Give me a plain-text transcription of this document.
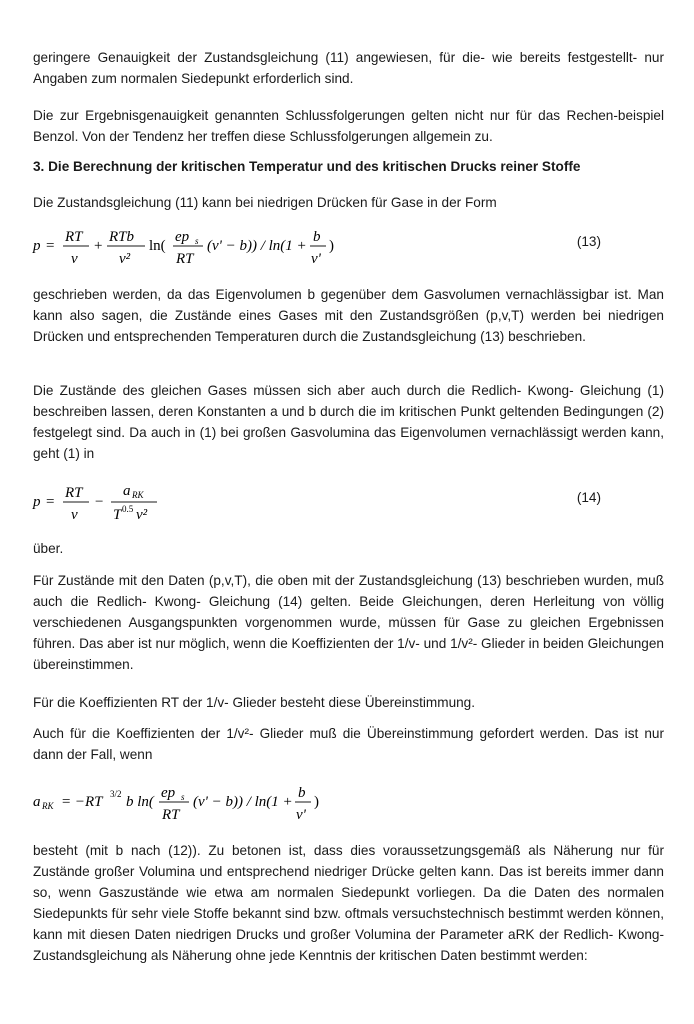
geringere Genauigkeit der Zustandsgleichung (11) angewiesen, für die- wie bereits festgestellt- nur Angaben zum normalen Siedepunkt erforderlich sind.

Die zur Ergebnisgenauigkeit genannten Schlussfolgerungen gelten nicht nur für das Rechen-beispiel Benzol. Von der Tendenz her treffen diese Schlussfolgerungen allgemein zu.

3. Die Berechnung der kritischen Temperatur und des kritischen Drucks reiner Stoffe

Die Zustandsgleichung (11) kann bei niedrigen Drücken für Gase in der Form

p =
RT
v
+
RTb
v²
ln(
ep s
RT
(v' − b)) / ln(1 +
b
v'
)	(13)

geschrieben werden, da das Eigenvolumen b gegenüber dem Gasvolumen vernachlässigbar ist. Man kann also sagen, die Zustände eines Gases mit den Zustandsgrößen (p,v,T) werden bei niedrigen Drücken und entsprechenden Temperaturen durch die Zustandsgleichung (13) beschrieben.

Die Zustände des gleichen Gases müssen sich aber auch durch die Redlich- Kwong- Gleichung (1) beschreiben lassen, deren Konstanten a und b durch die im kritischen Punkt geltenden Bedingungen (2) festgelegt sind. Da auch in (1) bei großen Gasvolumina das Eigenvolumen vernachlässigt werden kann, geht (1) in

p =
RT
v
−
a RK
T 0.5 v²
(14)

über.

Für Zustände mit den Daten (p,v,T), die oben mit der Zustandsgleichung (13) beschrieben wurden, muß auch die Redlich- Kwong- Gleichung (14) gelten. Beide Gleichungen, deren Herleitung von völlig verschiedenen Ausgangspunkten vorgenommen wurde, müssen für Gase zu gleichen Ergebnissen führen. Das aber ist nur möglich, wenn die Koeffizienten der 1/v- und 1/v²- Glieder in beiden Gleichungen übereinstimmen.

Für die Koeffizienten RT der 1/v- Glieder besteht diese Übereinstimmung.

Auch für die Koeffizienten der 1/v²- Glieder muß die Übereinstimmung gefordert werden. Das ist nur dann der Fall, wenn

a RK = −RT 3/2 b ln(
ep s
RT
(v' − b)) / ln(1 +
b
v'
)

besteht (mit b nach (12)). Zu betonen ist, dass dies voraussetzungsgemäß als Näherung nur für Zustände großer Volumina und entsprechend niedriger Drücke gelten kann. Das ist bereits immer dann so, wenn Gaszustände wie etwa am normalen Siedepunkt vorliegen. Da die Daten des normalen Siedepunkts für sehr viele Stoffe bekannt sind bzw. oftmals versuchstechnisch bestimmt werden können, kann mit diesen Daten niedrigen Drucks und großer Volumina der Parameter aRK der Redlich- Kwong- Zustandsgleichung als Näherung ohne jede Kenntnis der kritischen Daten bestimmt werden:
